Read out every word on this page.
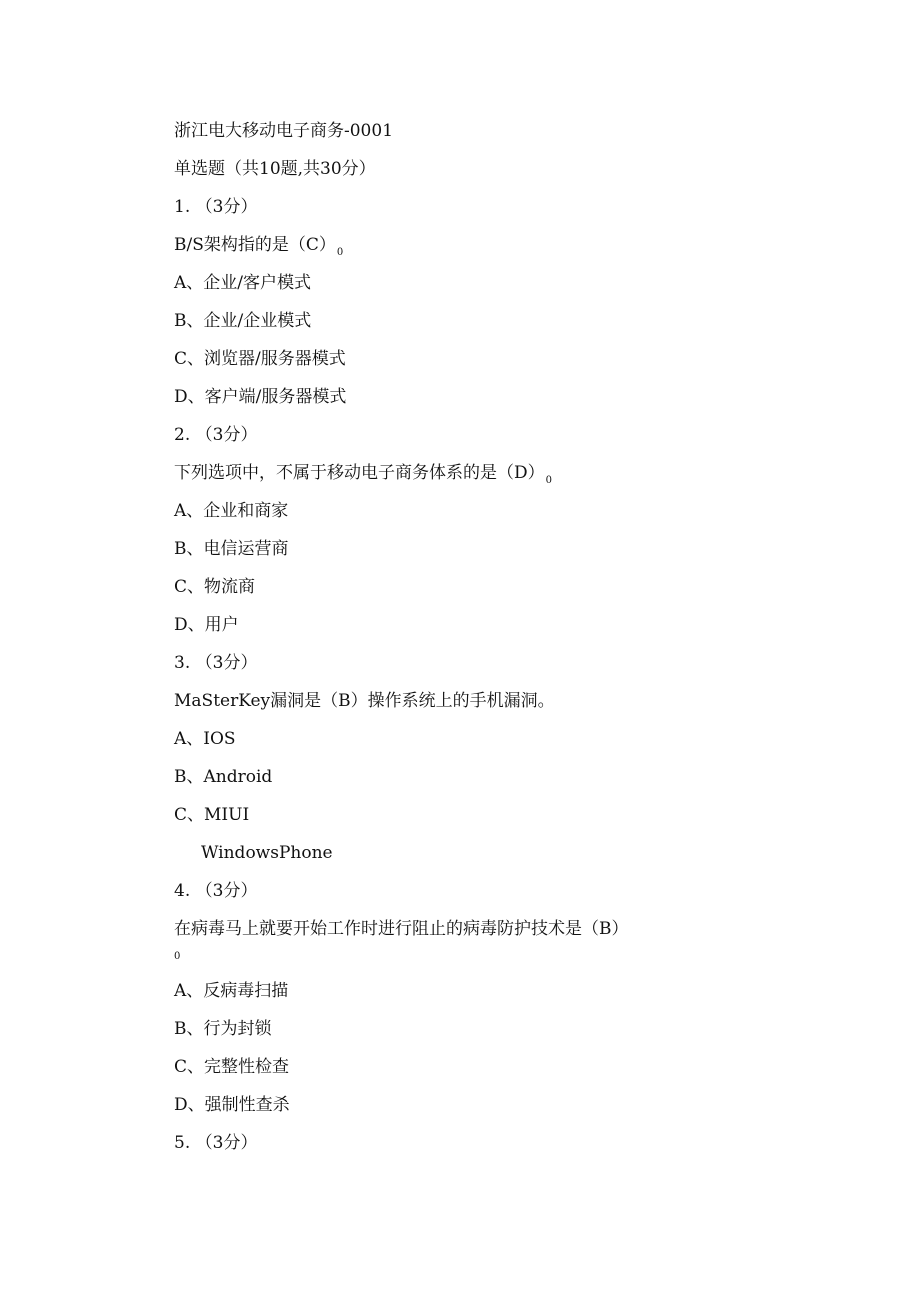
浙江电大移动电子商务-0001
单选题（共10题,共30分）
1. （3分）
B/S架构指的是$(C)_0$
A、企业/客户模式
B、企业/企业模式
C、浏览器/服务器模式
D、客户端/服务器模式
2. （3分）
下列选项中，不属于移动电子商务体系的是$(D)_0$
A、企业和商家
B、电信运营商
C、物流商
D、用户
3. （3分）
MaSterKey漏洞是（B）操作系统上的手机漏洞。
A、IOS
B、Android
C、MIUI
WindowsPhone
4. （3分）
在病毒马上就要开始工作时进行阻止的病毒防护技术是（B）
0
A、反病毒扫描
B、行为封锁
C、完整性检查
D、强制性查杀
5. （3分）
